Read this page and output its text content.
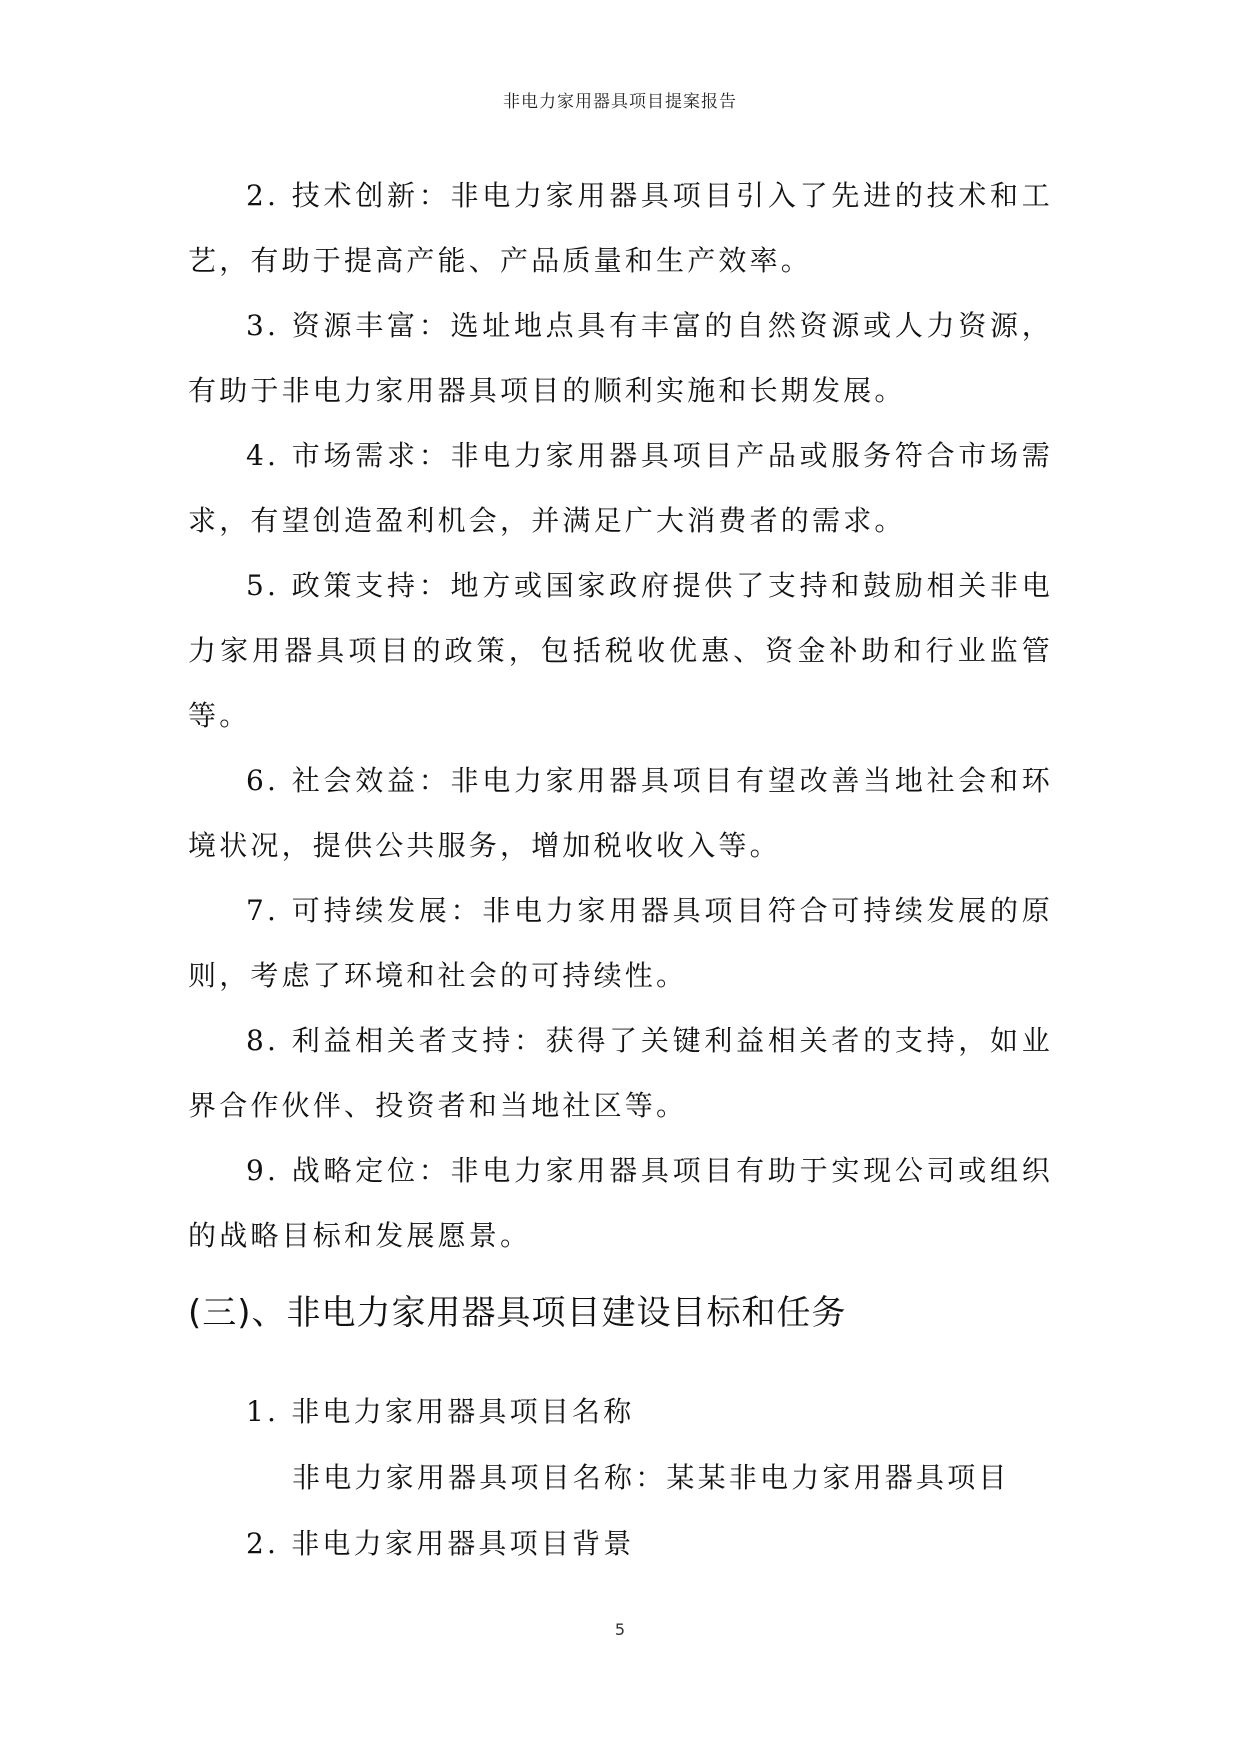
非电力家用器具项目提案报告

2. 技术创新：非电力家用器具项目引入了先进的技术和工艺，有助于提高产能、产品质量和生产效率。

3. 资源丰富：选址地点具有丰富的自然资源或人力资源，有助于非电力家用器具项目的顺利实施和长期发展。

4. 市场需求：非电力家用器具项目产品或服务符合市场需求，有望创造盈利机会，并满足广大消费者的需求。

5. 政策支持：地方或国家政府提供了支持和鼓励相关非电力家用器具项目的政策，包括税收优惠、资金补助和行业监管等。

6. 社会效益：非电力家用器具项目有望改善当地社会和环境状况，提供公共服务，增加税收收入等。

7. 可持续发展：非电力家用器具项目符合可持续发展的原则，考虑了环境和社会的可持续性。

8. 利益相关者支持：获得了关键利益相关者的支持，如业界合作伙伴、投资者和当地社区等。

9. 战略定位：非电力家用器具项目有助于实现公司或组织的战略目标和发展愿景。

(三)、非电力家用器具项目建设目标和任务

1. 非电力家用器具项目名称

非电力家用器具项目名称：某某非电力家用器具项目

2. 非电力家用器具项目背景

5
